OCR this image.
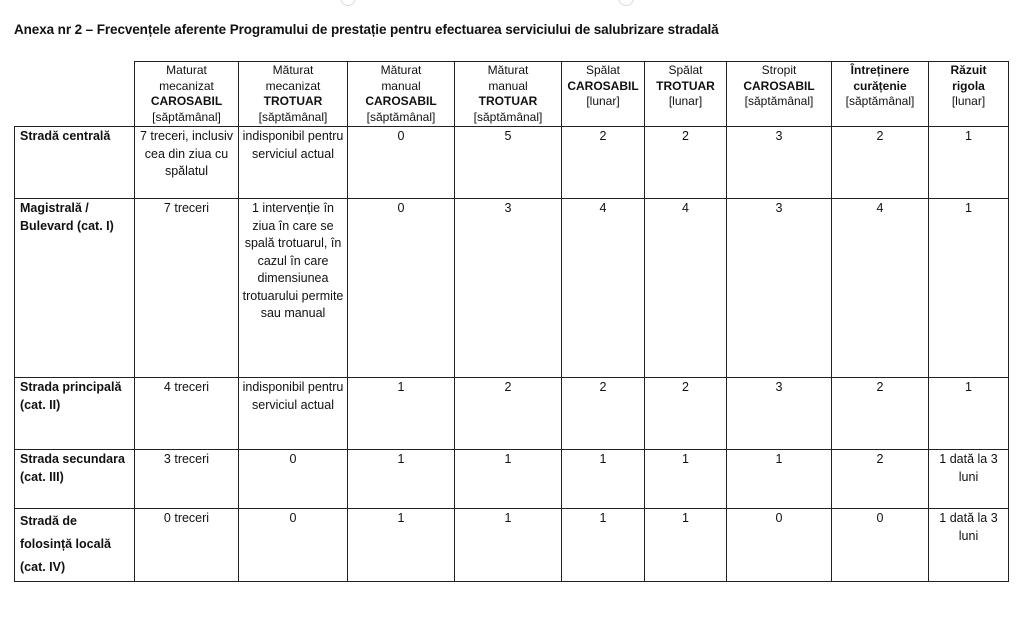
Anexa nr 2 – Frecvențele aferente Programului de prestație pentru efectuarea serviciului de salubrizare stradală

	Maturat
mecanizat
CAROSABIL
[săptămânal]	Măturat
mecanizat
TROTUAR
[săptămânal]	Măturat
manual
CAROSABIL
[săptămânal]	Măturat
manual
TROTUAR
[săptămânal]	Spălat
CAROSABIL
[lunar]	Spălat
TROTUAR
[lunar]	Stropit
CAROSABIL
[săptămânal]	Întreținere
curățenie
[săptămânal]	Răzuit
rigola
[lunar]

Stradă centrală	7 treceri, inclusiv cea din ziua cu spălatul	indisponibil pentru serviciul actual	0	5	2	2	3	2	1
Magistrală / Bulevard (cat. I)	7 treceri	1 intervenție în ziua în care se spală trotuarul, în cazul în care dimensiunea trotuarului permite sau manual	0	3	4	4	3	4	1
Strada principală (cat. II)	4 treceri	indisponibil pentru serviciul actual	1	2	2	2	3	2	1
Strada secundara (cat. III)	3 treceri	0	1	1	1	1	1	2	1 dată la 3 luni
Stradă de folosință locală (cat. IV)	0 treceri	0	1	1	1	1	0	0	1 dată la 3 luni
